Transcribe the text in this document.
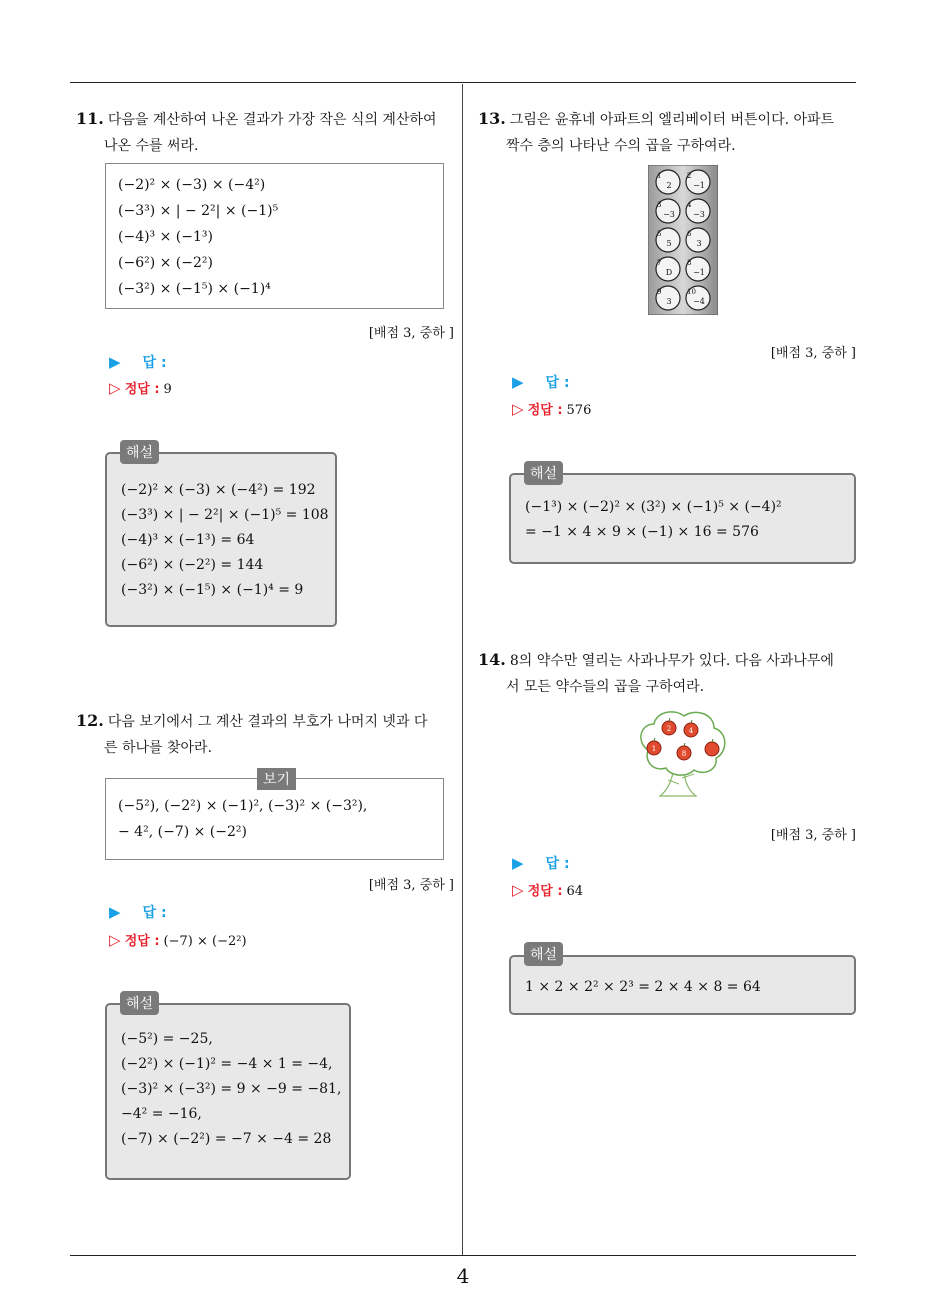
4
11. 다음을 계산하여 나온 결과가 가장 작은 식의 계산하여
나온 수를 써라.
(−2)² × (−3) × (−4²)
(−3³) × | − 2²| × (−1)⁵
(−4)³ × (−1³)
(−6²) × (−2²)
(−3²) × (−1⁵) × (−1)⁴
[배점 3, 중하 ]
▶ 답 :
▷ 정답 : 9
(−2)² × (−3) × (−4²) = 192
(−3³) × | − 2²| × (−1)⁵ = 108
(−4)³ × (−1³) = 64
(−6²) × (−2²) = 144
(−3²) × (−1⁵) × (−1)⁴ = 9
해설
12. 다음 보기에서 그 계산 결과의 부호가 나머지 넷과 다
른 하나를 찾아라.
(−5²), (−2²) × (−1)², (−3)² × (−3²),
− 4², (−7) × (−2²)
보기
[배점 3, 중하 ]
▶ 답 :
▷ 정답 : (−7) × (−2²)
(−5²) = −25,
(−2²) × (−1)² = −4 × 1 = −4,
(−3)² × (−3²) = 9 × −9 = −81,
−4² = −16,
(−7) × (−2²) = −7 × −4 = 28
해설
13. 그림은 윤휴네 아파트의 엘리베이터 버튼이다. 아파트
짝수 층의 나타난 수의 곱을 구하여라.
1
2
2
−1
3
−3
4
−3
5
5
6
3
7
D
8
−1
9
3
10
−4
[배점 3, 중하 ]
▶ 답 :
▷ 정답 : 576
(−1³) × (−2)² × (3²) × (−1)⁵ × (−4)²
= −1 × 4 × 9 × (−1) × 16 = 576
해설
14. 8의 약수만 열리는 사과나무가 있다. 다음 사과나무에
서 모든 약수들의 곱을 구하여라.
1
2	4
8
[배점 3, 중하 ]
▶ 답 :
▷ 정답 : 64
1 × 2 × 2² × 2³ = 2 × 4 × 8 = 64
해설
